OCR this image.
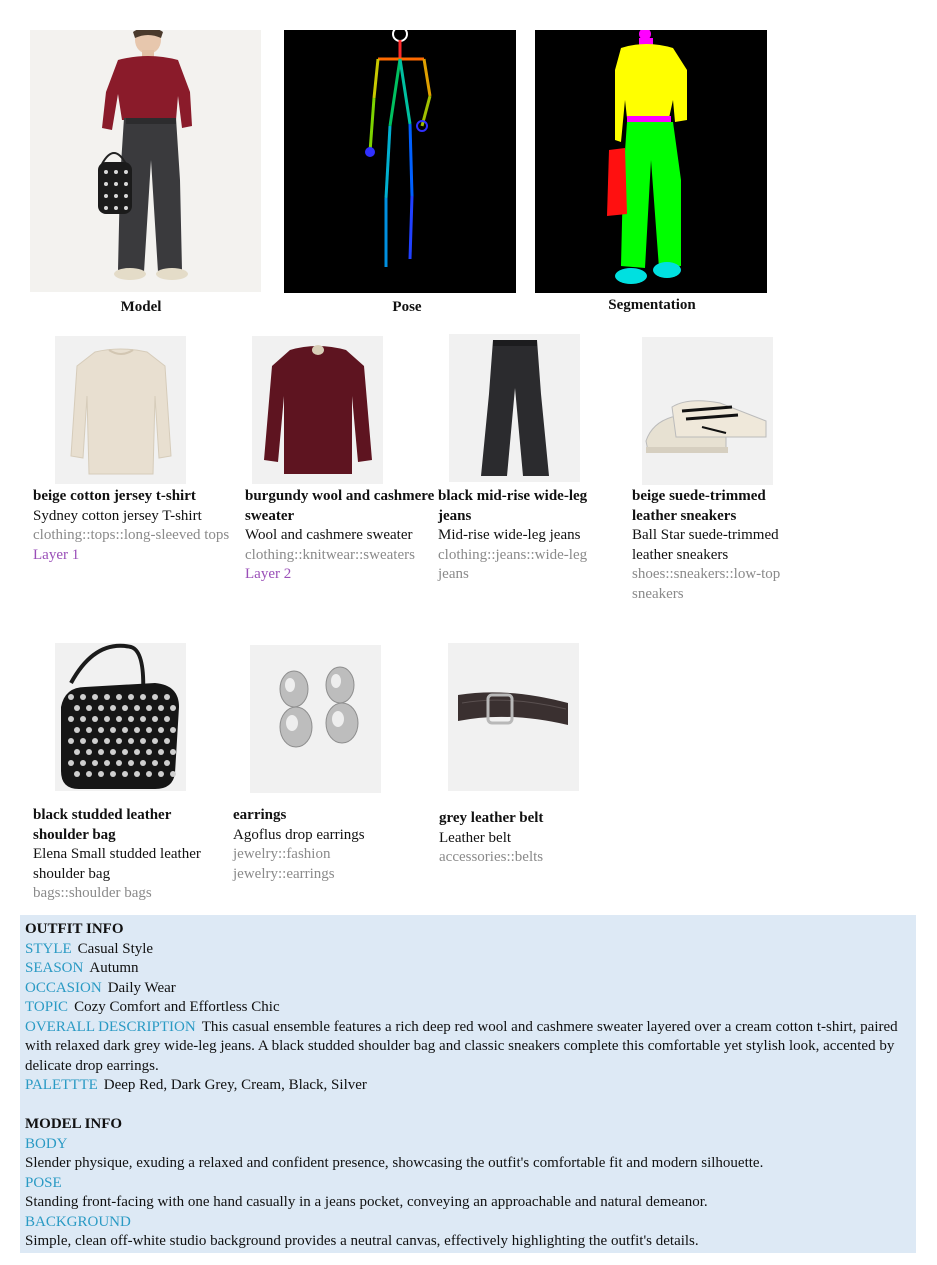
Model	Pose	Segmentation
beige cotton jersey t-shirt
Sydney cotton jersey T-shirt
clothing::tops::long-sleeved tops
Layer 1
burgundy wool and cashmere sweater
Wool and cashmere sweater
clothing::knitwear::sweaters
Layer 2
black mid-rise wide-leg jeans
Mid-rise wide-leg jeans
clothing::jeans::wide-leg jeans
beige suede-trimmed leather sneakers
Ball Star suede-trimmed leather sneakers
shoes::sneakers::low-top sneakers
black studded leather shoulder bag
Elena Small studded leather shoulder bag
bags::shoulder bags
earrings
Agoflus drop earrings
jewelry::fashion jewelry::earrings
grey leather belt
Leather belt
accessories::belts
OUTFIT INFO
STYLE Casual Style
SEASON Autumn
OCCASION Daily Wear
TOPIC Cozy Comfort and Effortless Chic
OVERALL DESCRIPTION This casual ensemble features a rich deep red wool and cashmere sweater layered over a cream cotton t-shirt, paired with relaxed dark grey wide-leg jeans. A black studded shoulder bag and classic sneakers complete this comfortable yet stylish look, accented by delicate drop earrings.
PALETTTE Deep Red, Dark Grey, Cream, Black, Silver
MODEL INFO
BODY
Slender physique, exuding a relaxed and confident presence, showcasing the outfit's comfortable fit and modern silhouette.
POSE
Standing front-facing with one hand casually in a jeans pocket, conveying an approachable and natural demeanor.
BACKGROUND
Simple, clean off-white studio background provides a neutral canvas, effectively highlighting the outfit's details.
